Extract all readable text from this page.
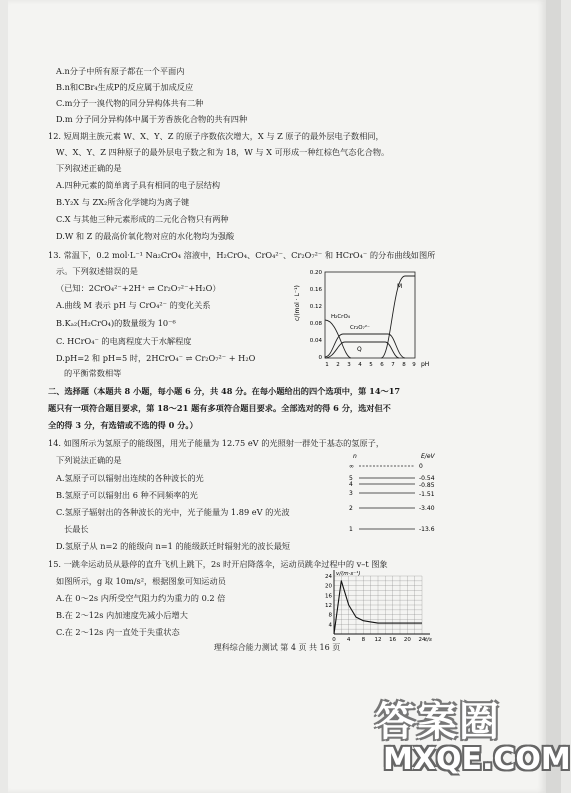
A.n分子中所有原子都在一个平面内
B.n和CBr₄生成P的反应属于加成反应
C.m分子一溴代物的同分异构体共有二种
D.m 分子同分异构体中属于芳香族化合物的共有四种
12. 短周期主族元素 W、X、Y、Z 的原子序数依次增大，X 与 Z 原子的最外层电子数相同，
W、X、Y、Z 四种原子的最外层电子数之和为 18，W 与 X 可形成一种红棕色气态化合物。
下列叙述正确的是
A.四种元素的简单离子具有相同的电子层结构
B.Y₂X 与 ZX₂所含化学键均为离子键
C.X 与其他三种元素形成的二元化合物只有两种
D.W 和 Z 的最高价氧化物对应的水化物均为强酸
13. 常温下，0.2 mol·L⁻¹ Na₂CrO₄ 溶液中，H₂CrO₄、CrO₄²⁻、Cr₂O₇²⁻ 和 HCrO₄⁻ 的分布曲线如图所
示。下列叙述错误的是
（已知：2CrO₄²⁻+2H⁺ ⇌ Cr₂O₇²⁻+H₂O）
A.曲线 M 表示 pH 与 CrO₄²⁻ 的变化关系
B.Kₐ₂(H₂CrO₄)的数量级为 10⁻⁶
C. HCrO₄⁻ 的电离程度大于水解程度
D.pH=2 和 pH=5 时，2HCrO₄⁻ ⇌ Cr₂O₇²⁻ + H₂O
的平衡常数相等
c/(mol · L⁻¹)
0.20
0.16
0.12
0.08
0.04
0
M
H₂CrO₄
Cr₂O₇²⁻
Q
1 2 3 4 5 6 7 8 9 pH
二、选择题（本题共 8 小题，每小题 6 分，共 48 分。在每小题给出的四个选项中，第 14～17
题只有一项符合题目要求，第 18～21 题有多项符合题目要求。全部选对的得 6 分，选对但不
全的得 3 分，有选错或不选的得 0 分。）
14. 如图所示为氢原子的能级图，用光子能量为 12.75 eV 的光照射一群处于基态的氢原子，
下列说法正确的是
A.氢原子可以辐射出连续的各种波长的光
B.氢原子可以辐射出 6 种不同频率的光
C.氢原子辐射出的各种波长的光中，光子能量为 1.89 eV 的光波
长最长
D.氢原子从 n=2 的能级向 n=1 的能级跃迁时辐射光的波长最短
n	E/eV
∞
5
4
3
2
1
0
-0.54
-0.85
-1.51
-3.40
-13.6
15. 一跳伞运动员从悬停的直升飞机上跳下，2s 时开启降落伞，运动员跳伞过程中的 v–t 图象
如图所示，g 取 10m/s²，根据图象可知运动员
A.在 0～2s 内所受空气阻力约为重力的 0.2 倍
B.在 2～12s 内加速度先减小后增大
C.在 2～12s 内一直处于失重状态
4
8
12
16
20
24
0 4 8 12 16 20 24
v/(m·s⁻¹)
t/s
理科综合能力测试 第 4 页 共 16 页
答案圈
MXQE.COM
